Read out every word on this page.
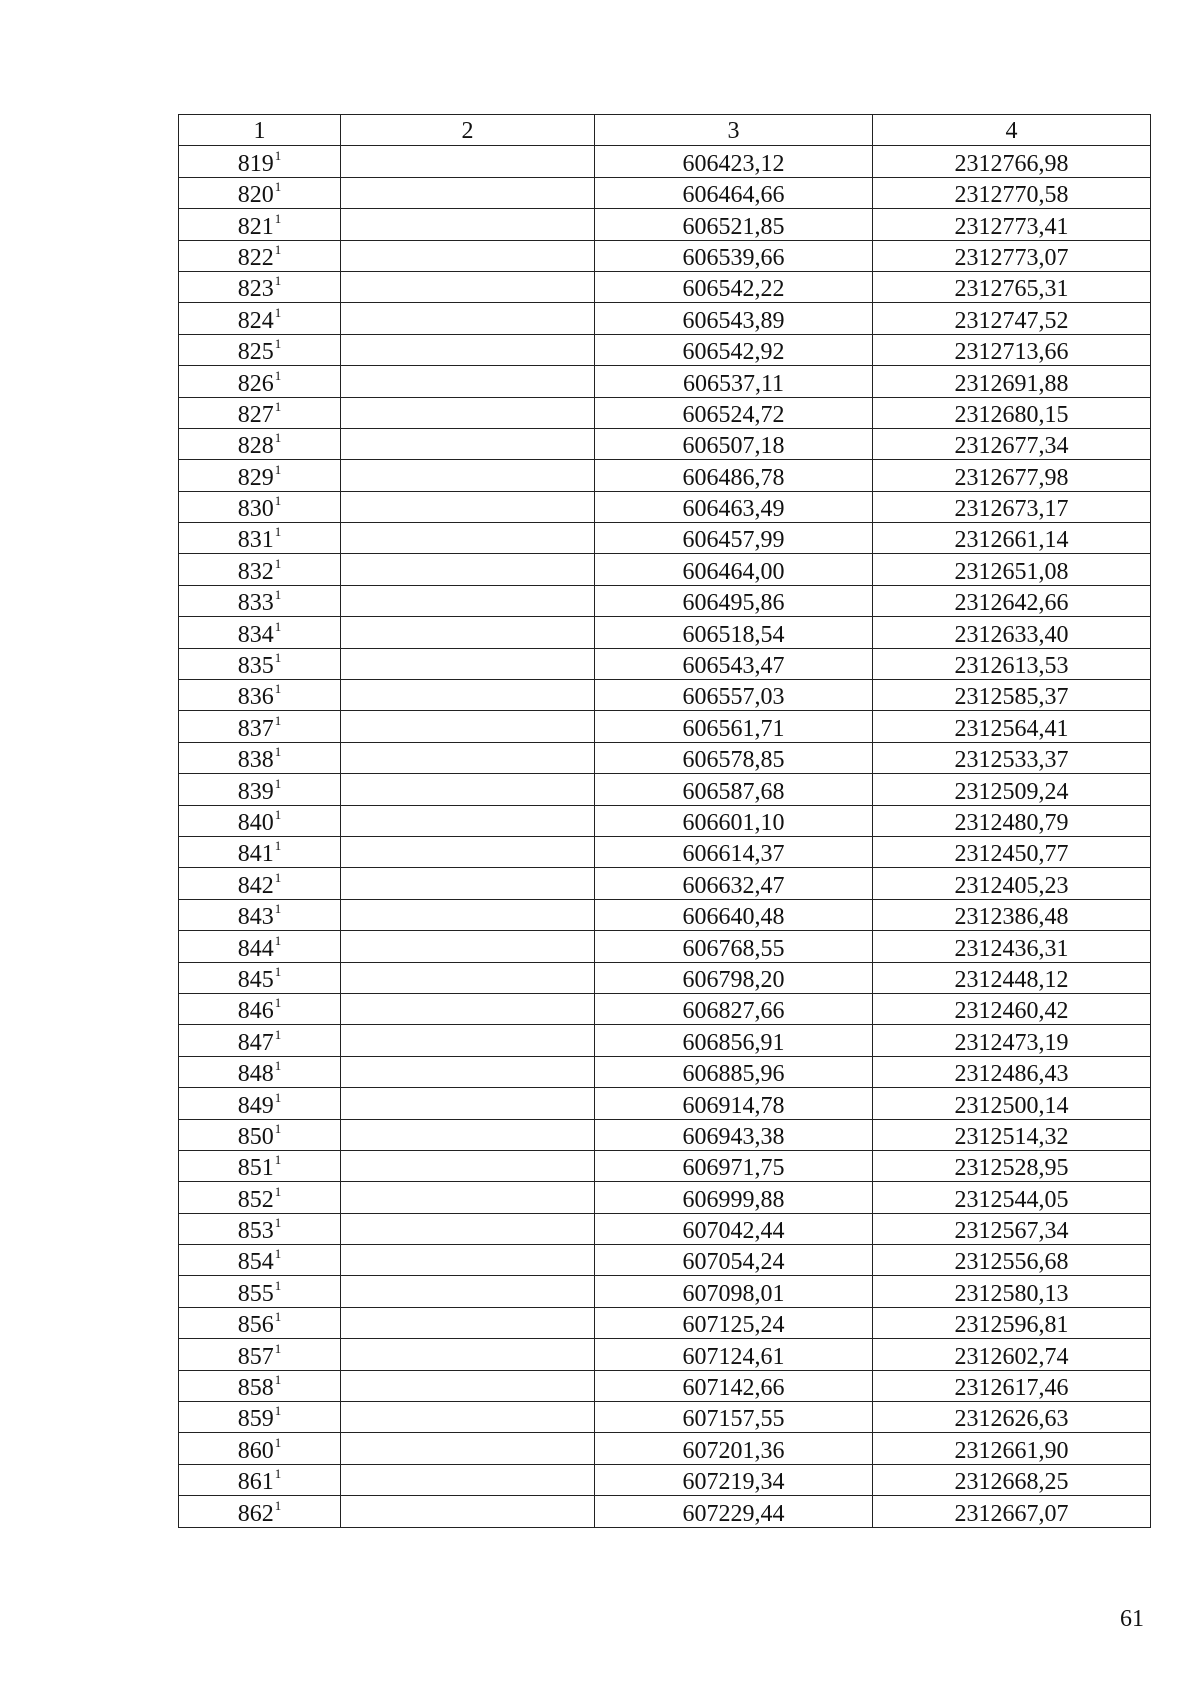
1	2	3	4
$819^1$		606423,12	2312766,98
$820^1$		606464,66	2312770,58
$821^1$		606521,85	2312773,41
$822^1$		606539,66	2312773,07
$823^1$		606542,22	2312765,31
$824^1$		606543,89	2312747,52
$825^1$		606542,92	2312713,66
$826^1$		606537,11	2312691,88
$827^1$		606524,72	2312680,15
$828^1$		606507,18	2312677,34
$829^1$		606486,78	2312677,98
$830^1$		606463,49	2312673,17
$831^1$		606457,99	2312661,14
$832^1$		606464,00	2312651,08
$833^1$		606495,86	2312642,66
$834^1$		606518,54	2312633,40
$835^1$		606543,47	2312613,53
$836^1$		606557,03	2312585,37
$837^1$		606561,71	2312564,41
$838^1$		606578,85	2312533,37
$839^1$		606587,68	2312509,24
$840^1$		606601,10	2312480,79
$841^1$		606614,37	2312450,77
$842^1$		606632,47	2312405,23
$843^1$		606640,48	2312386,48
$844^1$		606768,55	2312436,31
$845^1$		606798,20	2312448,12
$846^1$		606827,66	2312460,42
$847^1$		606856,91	2312473,19
$848^1$		606885,96	2312486,43
$849^1$		606914,78	2312500,14
$850^1$		606943,38	2312514,32
$851^1$		606971,75	2312528,95
$852^1$		606999,88	2312544,05
$853^1$		607042,44	2312567,34
$854^1$		607054,24	2312556,68
$855^1$		607098,01	2312580,13
$856^1$		607125,24	2312596,81
$857^1$		607124,61	2312602,74
$858^1$		607142,66	2312617,46
$859^1$		607157,55	2312626,63
$860^1$		607201,36	2312661,90
$861^1$		607219,34	2312668,25
$862^1$		607229,44	2312667,07
61
